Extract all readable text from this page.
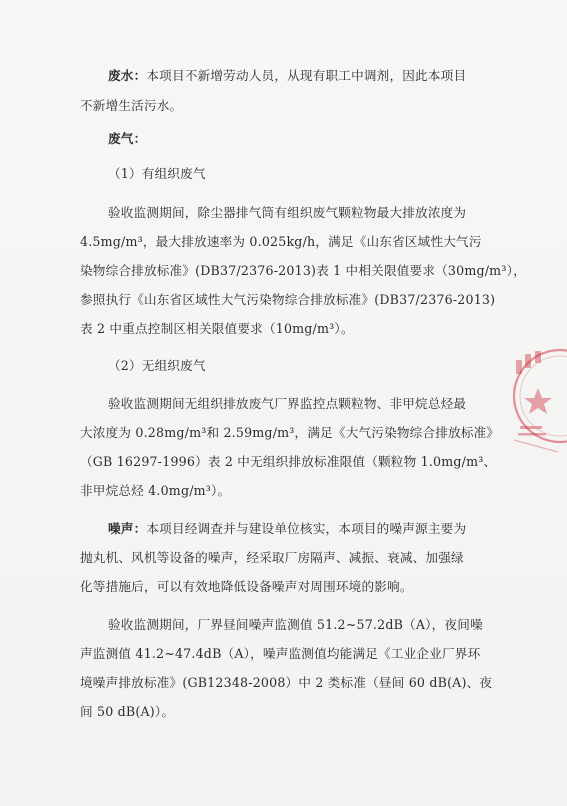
废水：本项目不新增劳动人员，从现有职工中调剂，因此本项目
不新增生活污水。
废气：
（1）有组织废气
验收监测期间，除尘器排气筒有组织废气颗粒物最大排放浓度为
4.5mg/m³，最大排放速率为 0.025kg/h，满足《山东省区域性大气污
染物综合排放标准》(DB37/2376-2013)表 1 中相关限值要求（30mg/m³），
参照执行《山东省区域性大气污染物综合排放标准》(DB37/2376-2013)
表 2 中重点控制区相关限值要求（10mg/m³）。
（2）无组织废气
验收监测期间无组织排放废气厂界监控点颗粒物、非甲烷总烃最
大浓度为 0.28mg/m³和 2.59mg/m³，满足《大气污染物综合排放标准》
（GB 16297-1996）表 2 中无组织排放标准限值（颗粒物 1.0mg/m³、
非甲烷总烃 4.0mg/m³）。
噪声：本项目经调查并与建设单位核实，本项目的噪声源主要为
抛丸机、风机等设备的噪声，经采取厂房隔声、减振、衰减、加强绿
化等措施后，可以有效地降低设备噪声对周围环境的影响。
验收监测期间，厂界昼间噪声监测值 51.2~57.2dB（A），夜间噪
声监测值 41.2~47.4dB（A），噪声监测值均能满足《工业企业厂界环
境噪声排放标准》(GB12348-2008）中 2 类标准（昼间 60 dB(A)、夜
间 50 dB(A)）。
